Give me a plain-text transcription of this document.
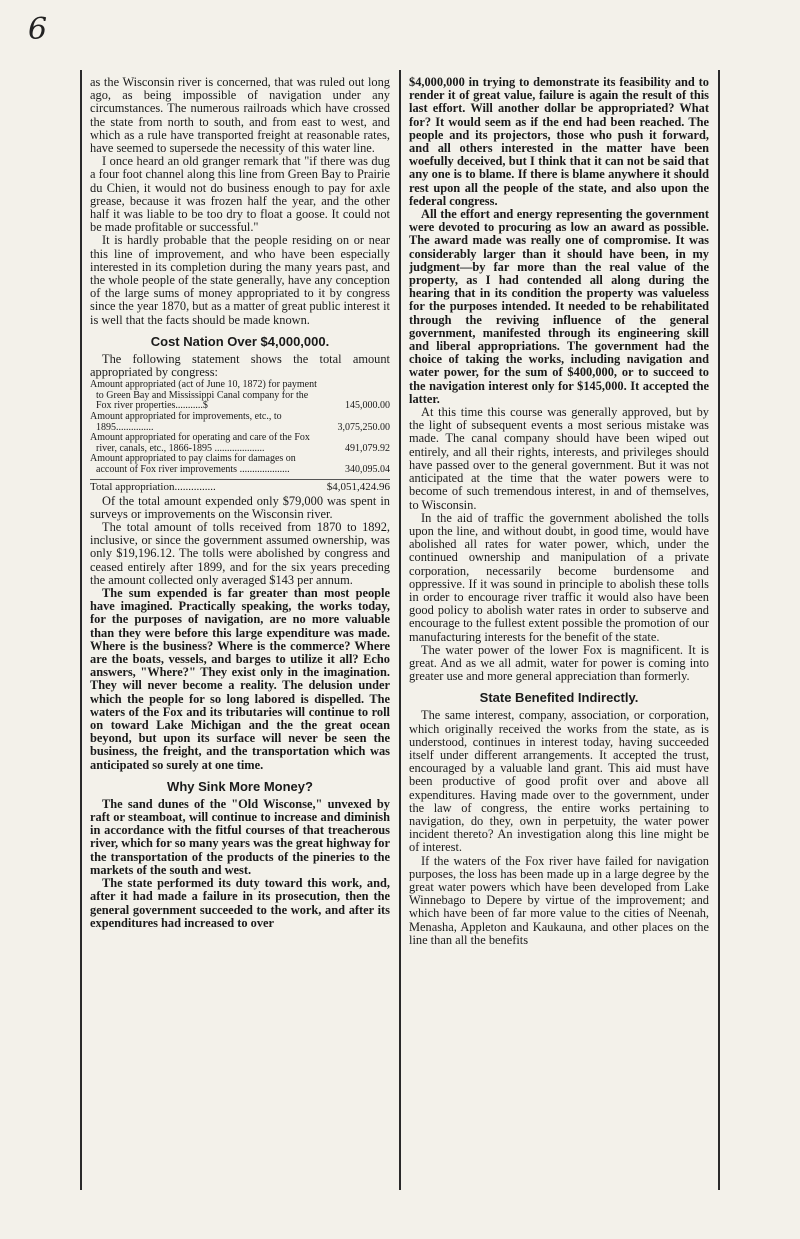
6

as the Wisconsin river is concerned, that was ruled out long ago, as being impossible of navigation under any circumstances. The numerous railroads which have crossed the state from north to south, and from east to west, and which as a rule have transported freight at reasonable rates, have seemed to supersede the necessity of this water line.

I once heard an old granger remark that "if there was dug a four foot channel along this line from Green Bay to Prairie du Chien, it would not do business enough to pay for axle grease, because it was frozen half the year, and the other half it was liable to be too dry to float a goose. It could not be made profitable or successful."

It is hardly probable that the people residing on or near this line of improvement, and who have been especially interested in its completion during the many years past, and the whole people of the state generally, have any conception of the large sums of money appropriated to it by congress since the year 1870, but as a matter of great public interest it is well that the facts should be made known.

Cost Nation Over $4,000,000.

The following statement shows the total amount appropriated by congress:

Amount appropriated (act of June 10, 1872) for payment to Green Bay and Mississippi Canal company for the Fox river properties...........$	145,000.00
Amount appropriated for improvements, etc., to 1895...............	3,075,250.00
Amount appropriated for operating and care of the Fox river, canals, etc., 1866-1895 ....................	491,079.92
Amount appropriated to pay claims for damages on account of Fox river improvements ....................	340,095.04
Total appropriation...............	$4,051,424.96

Of the total amount expended only $79,000 was spent in surveys or improvements on the Wisconsin river.

The total amount of tolls received from 1870 to 1892, inclusive, or since the government assumed ownership, was only $19,196.12. The tolls were abolished by congress and ceased entirely after 1899, and for the six years preceding the amount collected only averaged $143 per annum.

The sum expended is far greater than most people have imagined. Practically speaking, the works today, for the purposes of navigation, are no more valuable than they were before this large expenditure was made. Where is the business? Where is the commerce? Where are the boats, vessels, and barges to utilize it all? Echo answers, "Where?" They exist only in the imagination. They will never become a reality. The delusion under which the people for so long labored is dispelled. The waters of the Fox and its tributaries will continue to roll on toward Lake Michigan and the the great ocean beyond, but upon its surface will never be seen the business, the freight, and the transportation which was anticipated so surely at one time.

Why Sink More Money?

The sand dunes of the "Old Wisconse," unvexed by raft or steamboat, will continue to increase and diminish in accordance with the fitful courses of that treacherous river, which for so many years was the great highway for the transportation of the products of the pineries to the markets of the south and west.

The state performed its duty toward this work, and, after it had made a failure in its prosecution, then the general government succeeded to the work, and after its expenditures had increased to over

$4,000,000 in trying to demonstrate its feasibility and to render it of great value, failure is again the result of this last effort. Will another dollar be appropriated? What for? It would seem as if the end had been reached. The people and its projectors, those who push it forward, and all others interested in the matter have been woefully deceived, but I think that it can not be said that any one is to blame. If there is blame anywhere it should rest upon all the people of the state, and also upon the federal congress.

All the effort and energy representing the government were devoted to procuring as low an award as possible. The award made was really one of compromise. It was considerably larger than it should have been, in my judgment—by far more than the real value of the property, as I had contended all along during the hearing that in its condition the property was valueless for the purposes intended. It needed to be rehabilitated through the reviving influence of the general government, manifested through its engineering skill and liberal appropriations. The government had the choice of taking the works, including navigation and water power, for the sum of $400,000, or to succeed to the navigation interest only for $145,000. It accepted the latter.

At this time this course was generally approved, but by the light of subsequent events a most serious mistake was made. The canal company should have been wiped out entirely, and all their rights, interests, and privileges should have passed over to the general government. But it was not anticipated at the time that the water powers were to become of such tremendous interest, in and of themselves, to Wisconsin.

In the aid of traffic the government abolished the tolls upon the line, and without doubt, in good time, would have abolished all rates for water power, which, under the continued ownership and manipulation of a private corporation, necessarily become burdensome and oppressive. If it was sound in principle to abolish these tolls in order to encourage river traffic it would also have been good policy to abolish water rates in order to subserve and encourage to the fullest extent possible the promotion of our manufacturing interests for the benefit of the state.

The water power of the lower Fox is magnificent. It is great. And as we all admit, water for power is coming into greater use and more general appreciation than formerly.

State Benefited Indirectly.

The same interest, company, association, or corporation, which originally received the works from the state, as is understood, continues in interest today, having succeeded itself under different arrangements. It accepted the trust, encouraged by a valuable land grant. This aid must have been productive of good profit over and above all expenditures. Having made over to the government, under the law of congress, the entire works pertaining to navigation, do they, own in perpetuity, the water power incident thereto? An investigation along this line might be of interest.

If the waters of the Fox river have failed for navigation purposes, the loss has been made up in a large degree by the great water powers which have been developed from Lake Winnebago to Depere by virtue of the improvement; and which have been of far more value to the cities of Neenah, Menasha, Appleton and Kaukauna, and other places on the line than all the benefits
